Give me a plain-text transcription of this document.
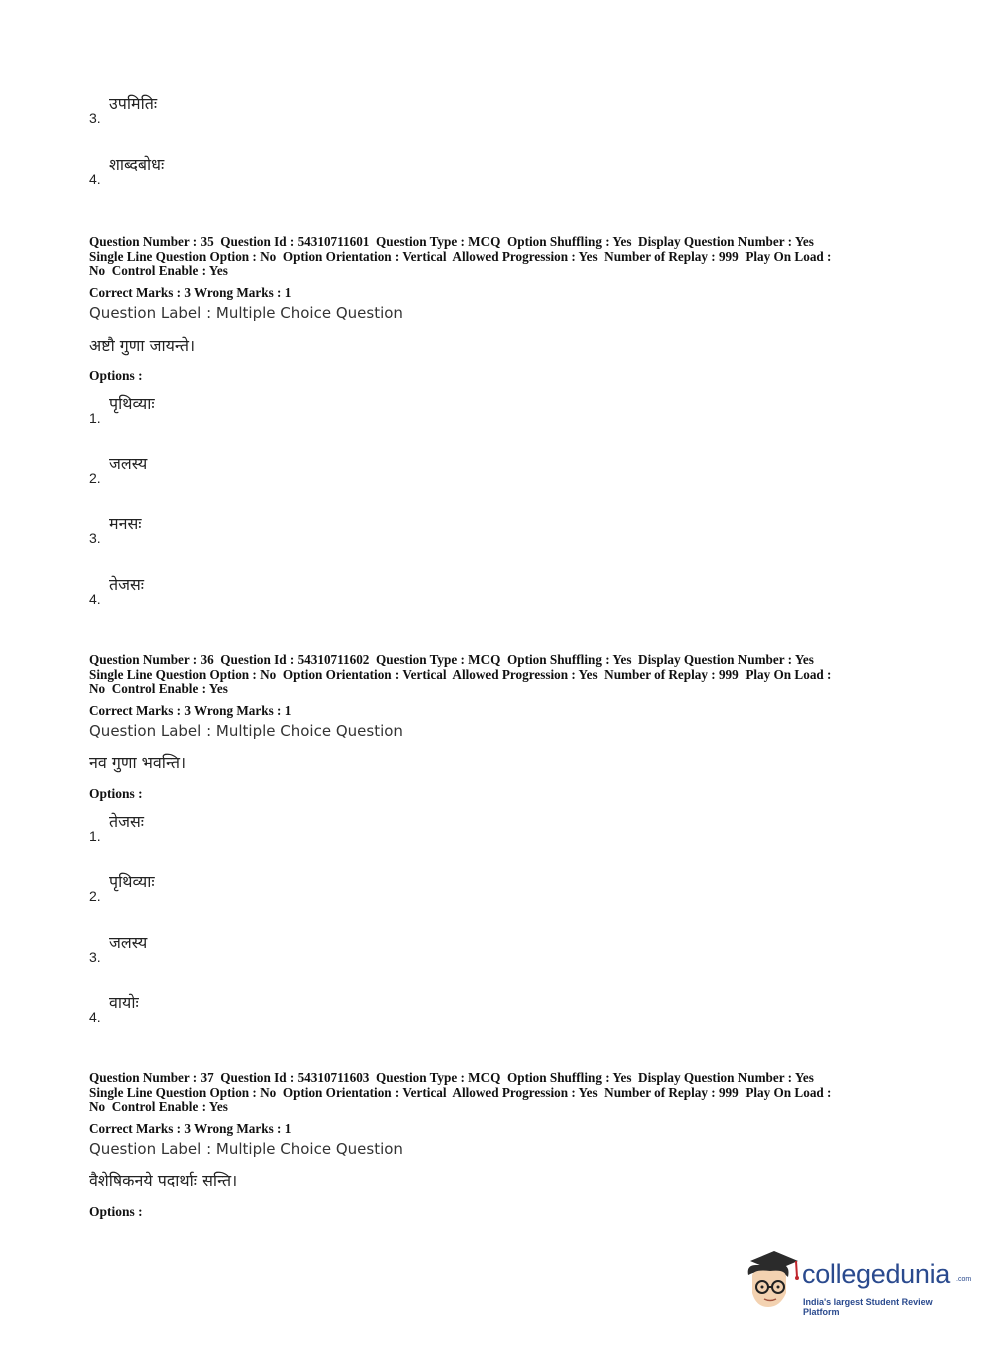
3.
उपमितिः
4.
शाब्दबोधः
Question Number : 35  Question Id : 54310711601  Question Type : MCQ  Option Shuffling : Yes  Display Question Number : Yes
Single Line Question Option : No  Option Orientation : Vertical  Allowed Progression : Yes  Number of Replay : 999  Play On Load :
No  Control Enable : Yes
Correct Marks : 3 Wrong Marks : 1
Question Label : Multiple Choice Question
अष्टौ गुणा जायन्ते।
Options :
1.
पृथिव्याः
2.
जलस्य
3.
मनसः
4.
तेजसः
Question Number : 36  Question Id : 54310711602  Question Type : MCQ  Option Shuffling : Yes  Display Question Number : Yes
Single Line Question Option : No  Option Orientation : Vertical  Allowed Progression : Yes  Number of Replay : 999  Play On Load :
No  Control Enable : Yes
Correct Marks : 3 Wrong Marks : 1
Question Label : Multiple Choice Question
नव गुणा भवन्ति।
Options :
1.
तेजसः
2.
पृथिव्याः
3.
जलस्य
4.
वायोः
Question Number : 37  Question Id : 54310711603  Question Type : MCQ  Option Shuffling : Yes  Display Question Number : Yes
Single Line Question Option : No  Option Orientation : Vertical  Allowed Progression : Yes  Number of Replay : 999  Play On Load :
No  Control Enable : Yes
Correct Marks : 3 Wrong Marks : 1
Question Label : Multiple Choice Question
वैशेषिकनये पदार्थाः सन्ति।
Options :
collegedunia .com
India's largest Student Review Platform
